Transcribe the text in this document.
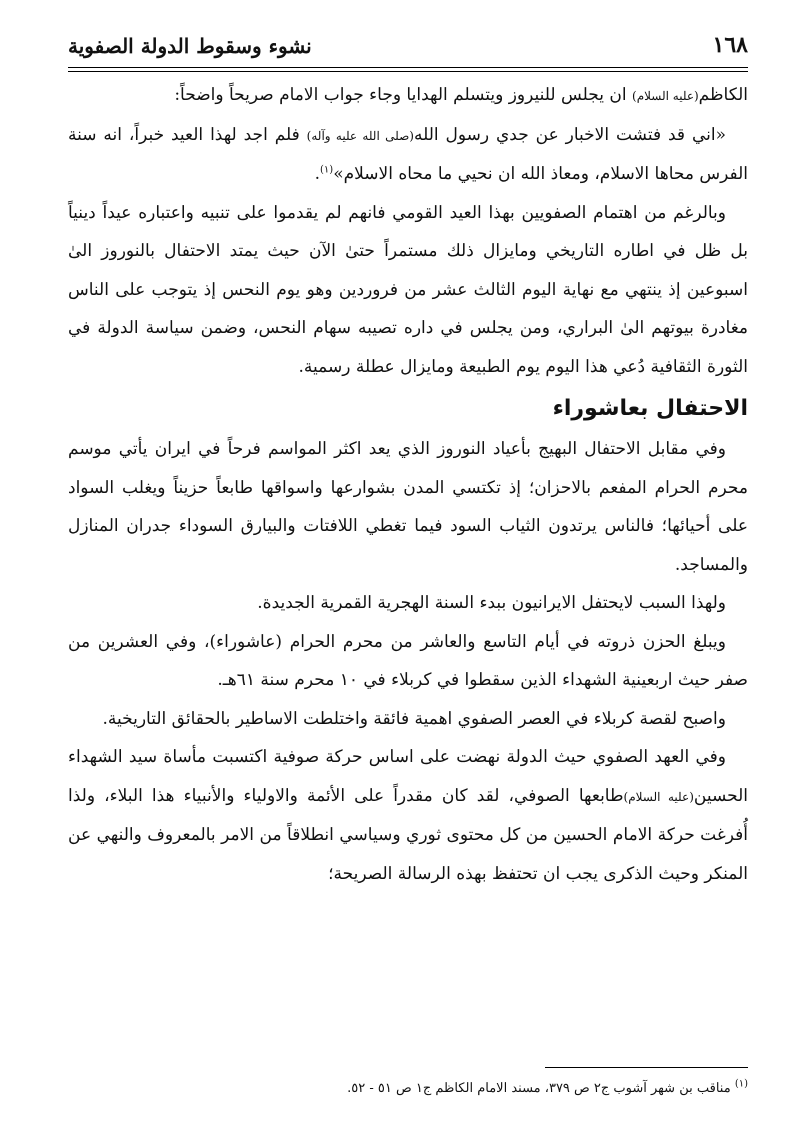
١٦٨
نشوء وسقوط الدولة الصفوية

الكاظم(عليه السلام) ان يجلس للنيروز ويتسلم الهدايا وجاء جواب الامام صريحاً واضحاً:

«اني قد فتشت الاخبار عن جدي رسول الله(صلى الله عليه وآله) فلم اجد لهذا العيد خبراً، انه سنة الفرس محاها الاسلام، ومعاذ الله ان نحيي ما محاه الاسلام»$^{(١)}$.

وبالرغم من اهتمام الصفويين بهذا العيد القومي فانهم لم يقدموا على تنبيه واعتباره عيداً دينياً بل ظل في اطاره التاريخي ومايزال ذلك مستمراً حتىٰ الآن حيث يمتد الاحتفال بالنوروز الىٰ اسبوعين إذ ينتهي مع نهاية اليوم الثالث عشر من فروردين وهو يوم النحس إذ يتوجب على الناس مغادرة بيوتهم الىٰ البراري، ومن يجلس في داره تصيبه سهام النحس، وضمن سياسة الدولة في الثورة الثقافية دُعي هذا اليوم يوم الطبيعة ومايزال عطلة رسمية.

الاحتفال بعاشوراء

وفي مقابل الاحتفال البهيج بأعياد النوروز الذي يعد اكثر المواسم فرحاً في ايران يأتي موسم محرم الحرام المفعم بالاحزان؛ إذ تكتسي المدن بشوارعها واسواقها طابعاً حزيناً ويغلب السواد على أحيائها؛ فالناس يرتدون الثياب السود فيما تغطي اللافتات والبيارق السوداء جدران المنازل والمساجد.

ولهذا السبب لايحتفل الايرانيون ببدء السنة الهجرية القمرية الجديدة.

ويبلغ الحزن ذروته في أيام التاسع والعاشر من محرم الحرام (عاشوراء)، وفي العشرين من صفر حيث اربعينية الشهداء الذين سقطوا في كربلاء في ١٠ محرم سنة ٦١هـ.

واصبح لقصة كربلاء في العصر الصفوي اهمية فائقة واختلطت الاساطير بالحقائق التاريخية.

وفي العهد الصفوي حيث الدولة نهضت على اساس حركة صوفية اكتسبت مأساة سيد الشهداء الحسين(عليه السلام)طابعها الصوفي، لقد كان مقدراً على الأئمة والاولياء والأنبياء هذا البلاء، ولذا أُفرغت حركة الامام الحسين من كل محتوى ثوري وسياسي انطلاقاً من الامر بالمعروف والنهي عن المنكر وحيث الذكرى يجب ان تحتفظ بهذه الرسالة الصريحة؛

$^{(١)}$ مناقب بن شهر آشوب ج٢ ص ٣٧٩، مسند الامام الكاظم ج١ ص ٥١ - ٥٢.
